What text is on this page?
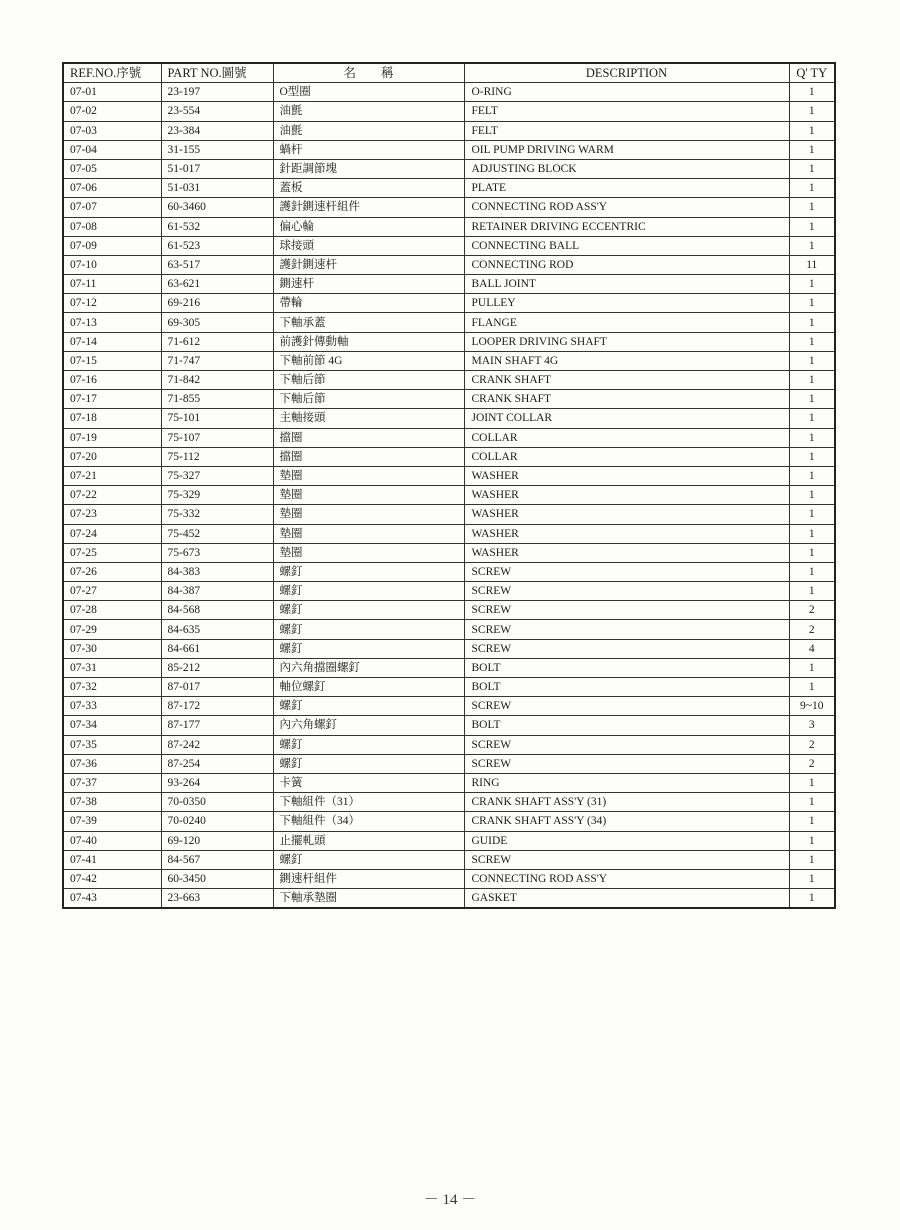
REF.NO.序號	PART NO.圖號	名　　稱	DESCRIPTION	Q' TY
07-01	23-197	O型圈	O-RING	1
07-02	23-554	油氈	FELT	1
07-03	23-384	油氈	FELT	1
07-04	31-155	蝸杆	OIL PUMP DRIVING WARM	1
07-05	51-017	針距調節塊	ADJUSTING BLOCK	1
07-06	51-031	蓋板	PLATE	1
07-07	60-3460	護針鍘速杆組件	CONNECTING ROD ASS'Y	1
07-08	61-532	偏心輪	RETAINER DRIVING ECCENTRIC	1
07-09	61-523	球接頭	CONNECTING BALL	1
07-10	63-517	護針鍘速杆	CONNECTING ROD	11
07-11	63-621	鍘速杆	BALL JOINT	1
07-12	69-216	帶輪	PULLEY	1
07-13	69-305	下軸承蓋	FLANGE	1
07-14	71-612	前護針傳動軸	LOOPER DRIVING SHAFT	1
07-15	71-747	下軸前節 4G	MAIN SHAFT 4G	1
07-16	71-842	下軸后節	CRANK SHAFT	1
07-17	71-855	下軸后節	CRANK SHAFT	1
07-18	75-101	主軸接頭	JOINT COLLAR	1
07-19	75-107	擋圈	COLLAR	1
07-20	75-112	擋圈	COLLAR	1
07-21	75-327	墊圈	WASHER	1
07-22	75-329	墊圈	WASHER	1
07-23	75-332	墊圈	WASHER	1
07-24	75-452	墊圈	WASHER	1
07-25	75-673	墊圈	WASHER	1
07-26	84-383	螺釘	SCREW	1
07-27	84-387	螺釘	SCREW	1
07-28	84-568	螺釘	SCREW	2
07-29	84-635	螺釘	SCREW	2
07-30	84-661	螺釘	SCREW	4
07-31	85-212	內六角擋圈螺釘	BOLT	1
07-32	87-017	軸位螺釘	BOLT	1
07-33	87-172	螺釘	SCREW	9~10
07-34	87-177	內六角螺釘	BOLT	3
07-35	87-242	螺釘	SCREW	2
07-36	87-254	螺釘	SCREW	2
07-37	93-264	卡簧	RING	1
07-38	70-0350	下軸組件（31）	CRANK SHAFT ASS'Y (31)	1
07-39	70-0240	下軸組件（34）	CRANK SHAFT ASS'Y (34)	1
07-40	69-120	止擺軋頭	GUIDE	1
07-41	84-567	螺釘	SCREW	1
07-42	60-3450	鍘速杆組件	CONNECTING ROD ASS'Y	1
07-43	23-663	下軸承墊圈	GASKET	1
－ 14 －
